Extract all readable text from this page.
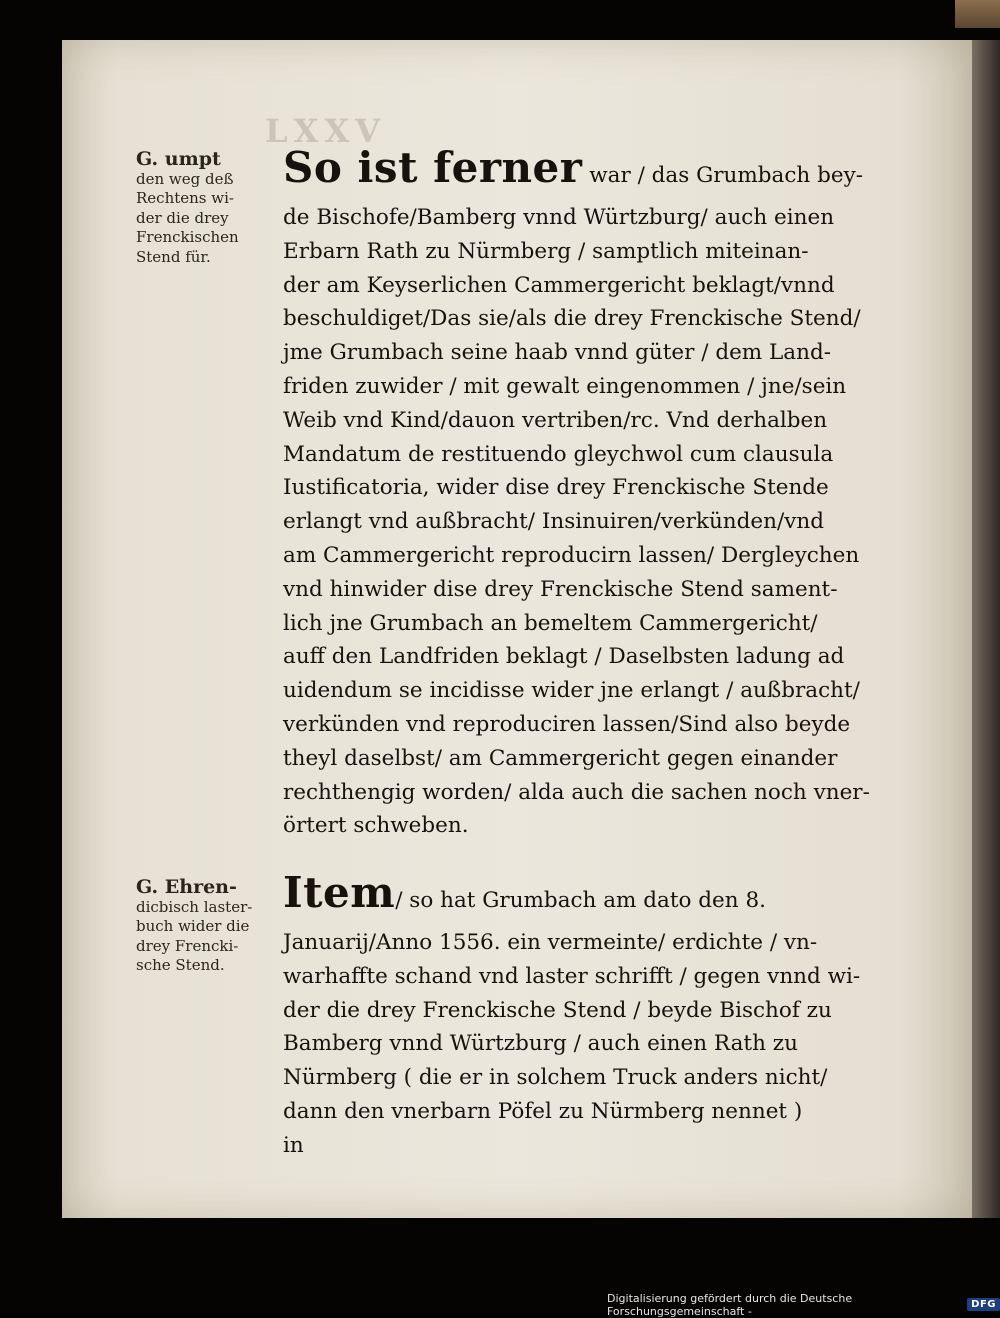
LXXV
G. umpt
den weg deß
Rechtens wi-
der die drey
Frenckischen
Stend für.
G. Ehren-
dicbisch laster-
buch wider die
drey Frencki-
sche Stend.
So ist ferner war / das Grumbach bey-
de Bischofe/Bamberg vnnd Würtzburg/ auch einen
Erbarn Rath zu Nürmberg / samptlich miteinan-
der am Keyserlichen Cammergericht beklagt/vnnd
beschuldiget/Das sie/als die drey Frenckische Stend/
jme Grumbach seine haab vnnd güter / dem Land-
friden zuwider / mit gewalt eingenommen / jne/sein
Weib vnd Kind/dauon vertriben/rc. Vnd derhalben
Mandatum de restituendo gleychwol cum clausula
Iustificatoria, wider dise drey Frenckische Stende
erlangt vnd außbracht/ Insinuiren/verkünden/vnd
am Cammergericht reproducirn lassen/ Dergleychen
vnd hinwider dise drey Frenckische Stend sament-
lich jne Grumbach an bemeltem Cammergericht/
auff den Landfriden beklagt / Daselbsten ladung ad
uidendum se incidisse wider jne erlangt / außbracht/
verkünden vnd reproduciren lassen/Sind also beyde
theyl daselbst/ am Cammergericht gegen einander
rechthengig worden/ alda auch die sachen noch vner-
örtert schweben.
Item/ so hat Grumbach am dato den 8.
Januarij/Anno 1556. ein vermeinte/ erdichte / vn-
warhaffte schand vnd laster schrifft / gegen vnnd wi-
der die drey Frenckische Stend / beyde Bischof zu
Bamberg vnnd Würtzburg / auch einen Rath zu
Nürmberg ( die er in solchem Truck anders nicht/
dann den vnerbarn Pöfel zu Nürmberg nennet )
in
Digitalisierung gefördert durch die Deutsche Forschungsgemeinschaft -	DFG
